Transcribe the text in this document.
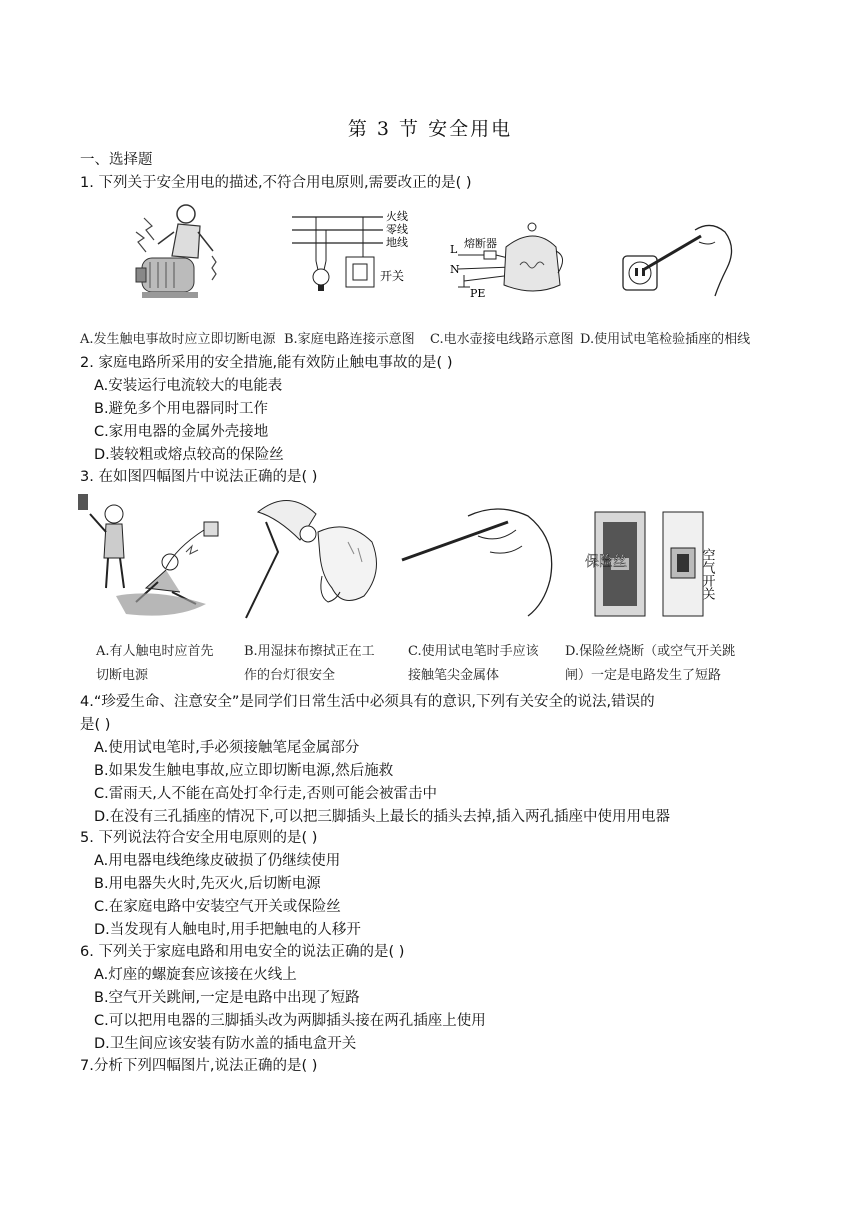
第 3 节 安全用电
一、选择题
1. 下列关于安全用电的描述,不符合用电原则,需要改正的是( )
火线
零线
地线
开关
熔断器
L
N
PE
A.发生触电事故时应立即切断电源 B.家庭电路连接示意图 C.电水壶接电线路示意图 D.使用试电笔检验插座的相线
2. 家庭电路所采用的安全措施,能有效防止触电事故的是( )
A.安装运行电流较大的电能表
B.避免多个用电器同时工作
C.家用电器的金属外壳接地
D.装较粗或熔点较高的保险丝
3. 在如图四幅图片中说法正确的是( )
保险丝	空气开关
A.有人触电时应首先
切断电源
B.用湿抹布擦拭正在工
作的台灯很安全
C.使用试电笔时手应该
接触笔尖金属体
D.保险丝烧断（或空气开关跳
闸）一定是电路发生了短路
4.“珍爱生命、注意安全”是同学们日常生活中必须具有的意识,下列有关安全的说法,错误的
是( )
A.使用试电笔时,手必须接触笔尾金属部分
B.如果发生触电事故,应立即切断电源,然后施救
C.雷雨天,人不能在高处打伞行走,否则可能会被雷击中
D.在没有三孔插座的情况下,可以把三脚插头上最长的插头去掉,插入两孔插座中使用用电器
5. 下列说法符合安全用电原则的是( )
A.用电器电线绝缘皮破损了仍继续使用
B.用电器失火时,先灭火,后切断电源
C.在家庭电路中安装空气开关或保险丝
D.当发现有人触电时,用手把触电的人移开
6. 下列关于家庭电路和用电安全的说法正确的是( )
A.灯座的螺旋套应该接在火线上
B.空气开关跳闸,一定是电路中出现了短路
C.可以把用电器的三脚插头改为两脚插头接在两孔插座上使用
D.卫生间应该安装有防水盖的插电盒开关
7.分析下列四幅图片,说法正确的是( )
